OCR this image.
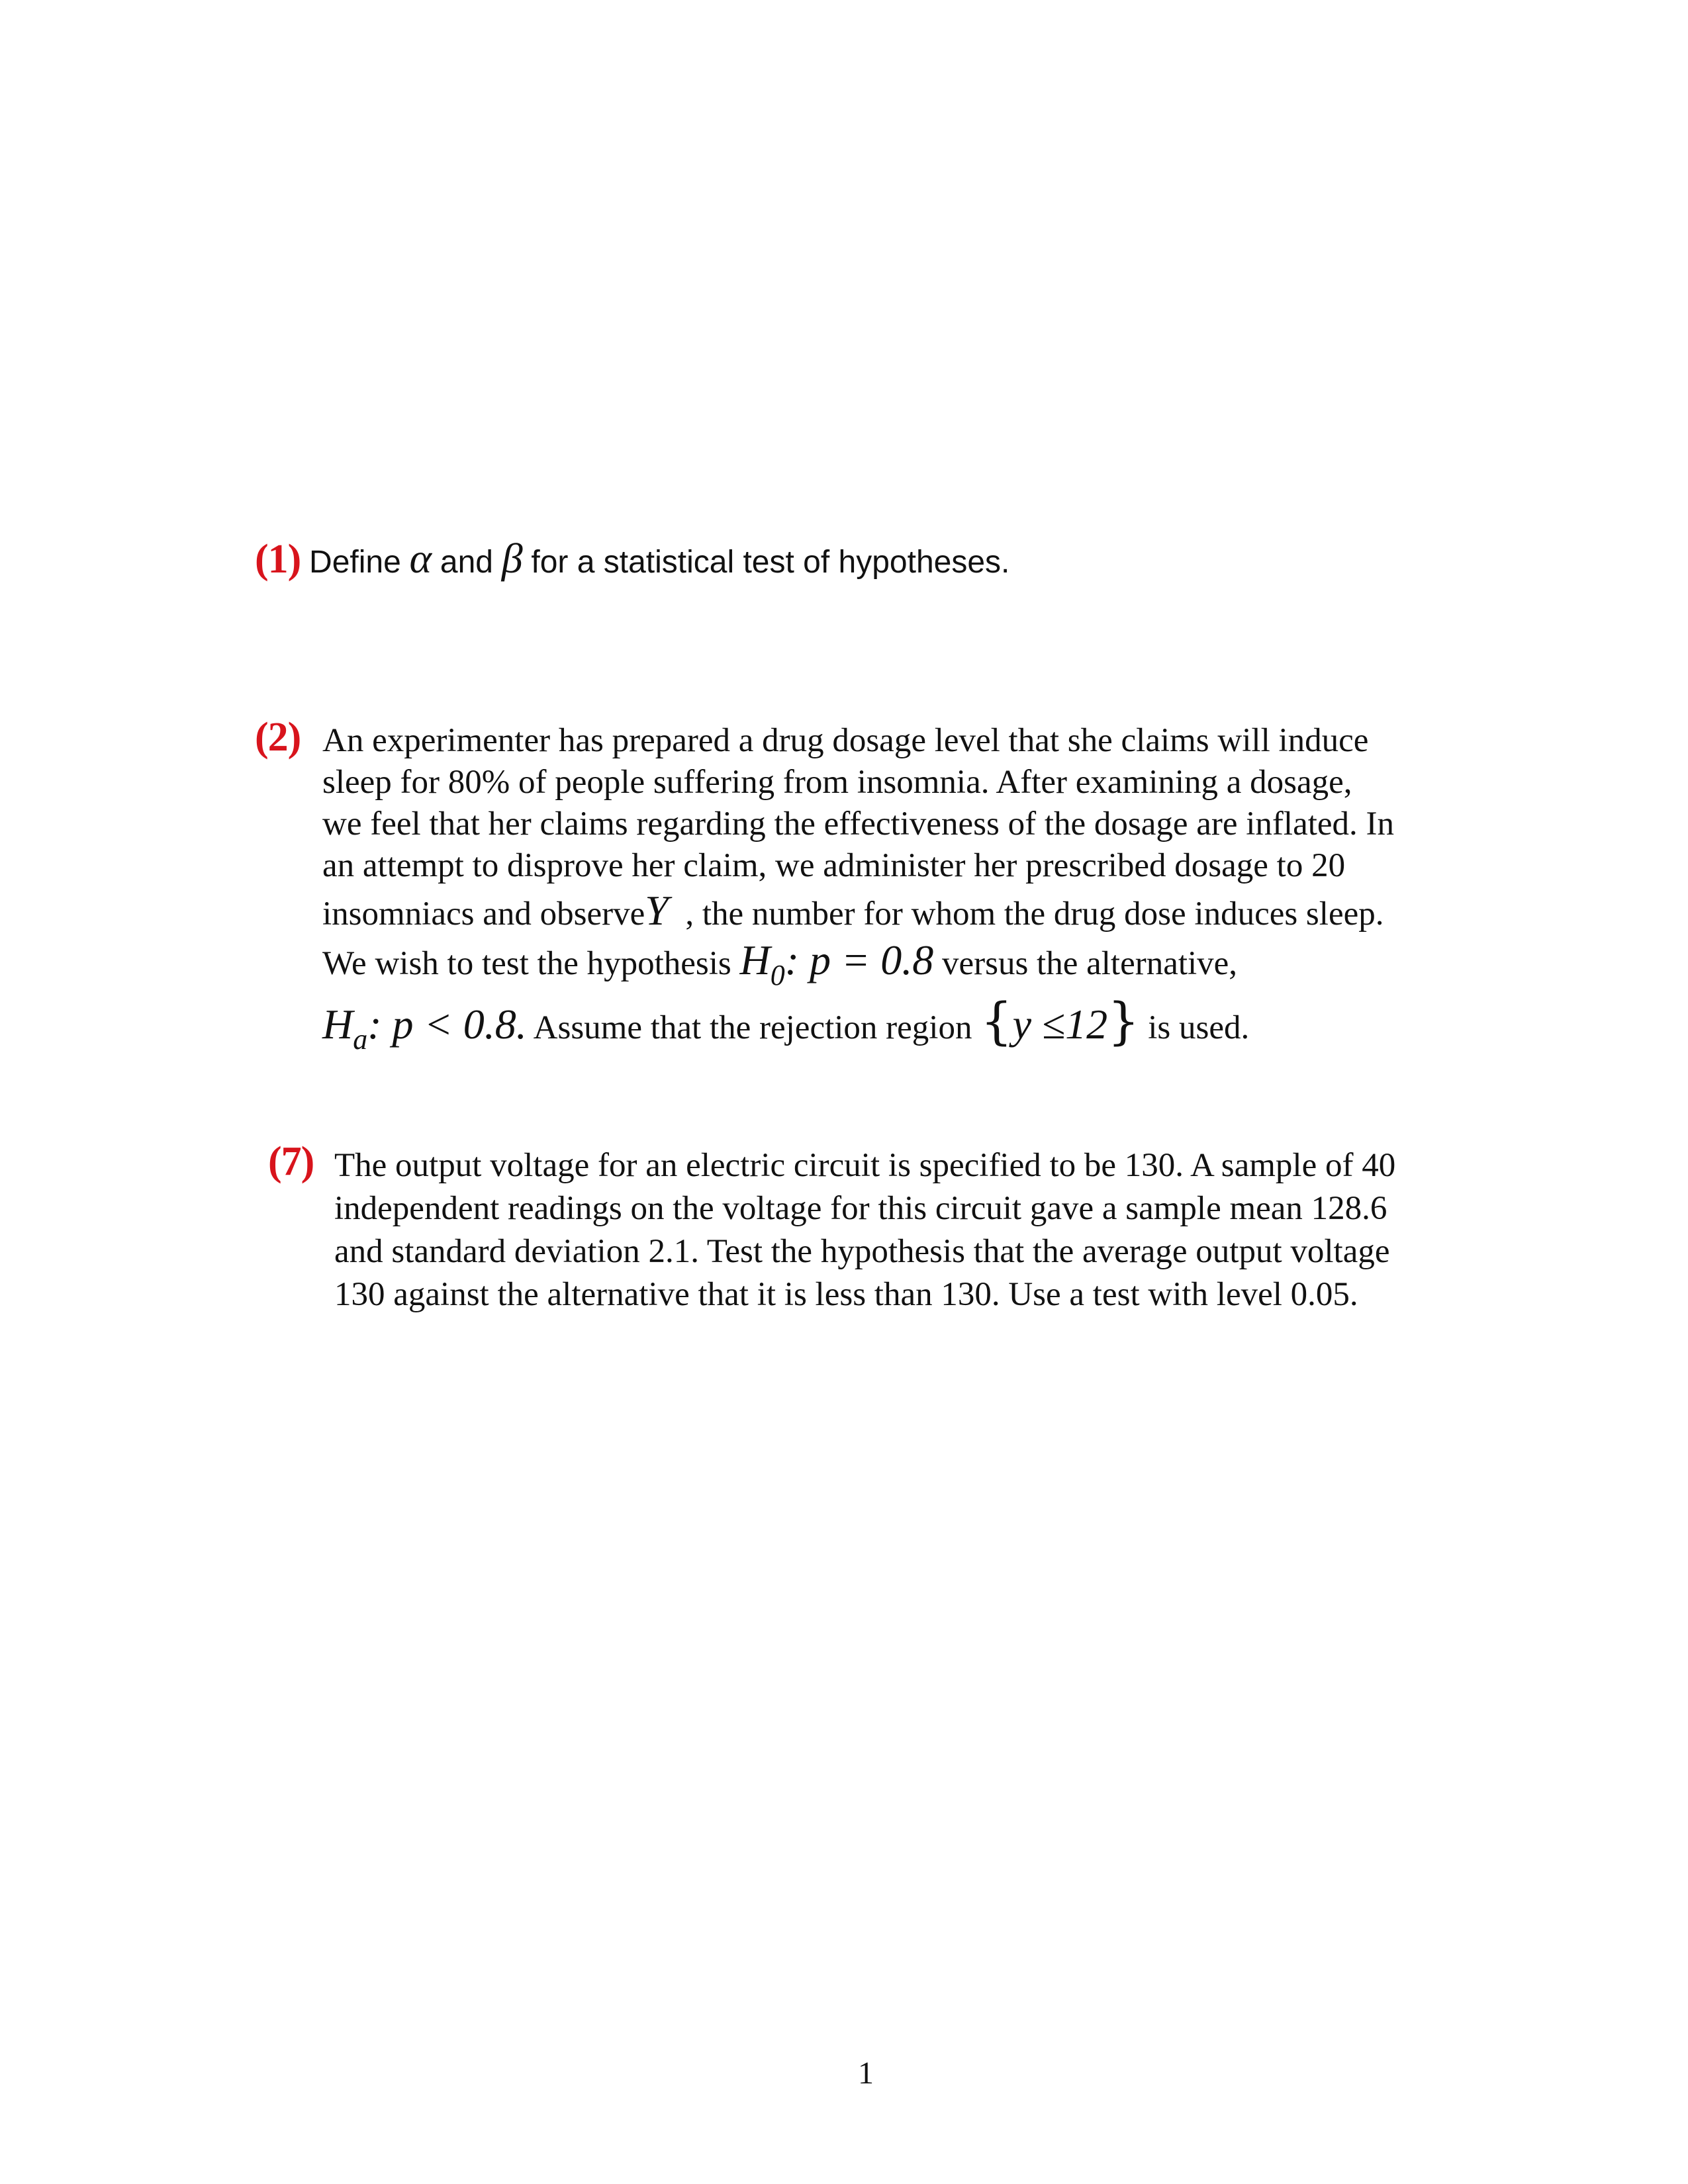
(1) Define α and β for a statistical test of hypotheses.
(2) An experimenter has prepared a drug dosage level that she claims will induce
sleep for 80% of people suffering from insomnia. After examining a dosage,
we feel that her claims regarding the effectiveness of the dosage are inflated. In
an attempt to disprove her claim, we administer her prescribed dosage to 20
insomniacs and observeY , the number for whom the drug dose induces sleep.
We wish to test the hypothesis $H_0$: p = 0.8 versus the alternative,
$H_a$: p < 0.8. Assume that the rejection region {y ≤12} is used.
(7) The output voltage for an electric circuit is specified to be 130. A sample of 40
independent readings on the voltage for this circuit gave a sample mean 128.6
and standard deviation 2.1. Test the hypothesis that the average output voltage
130 against the alternative that it is less than 130. Use a test with level 0.05.
1
